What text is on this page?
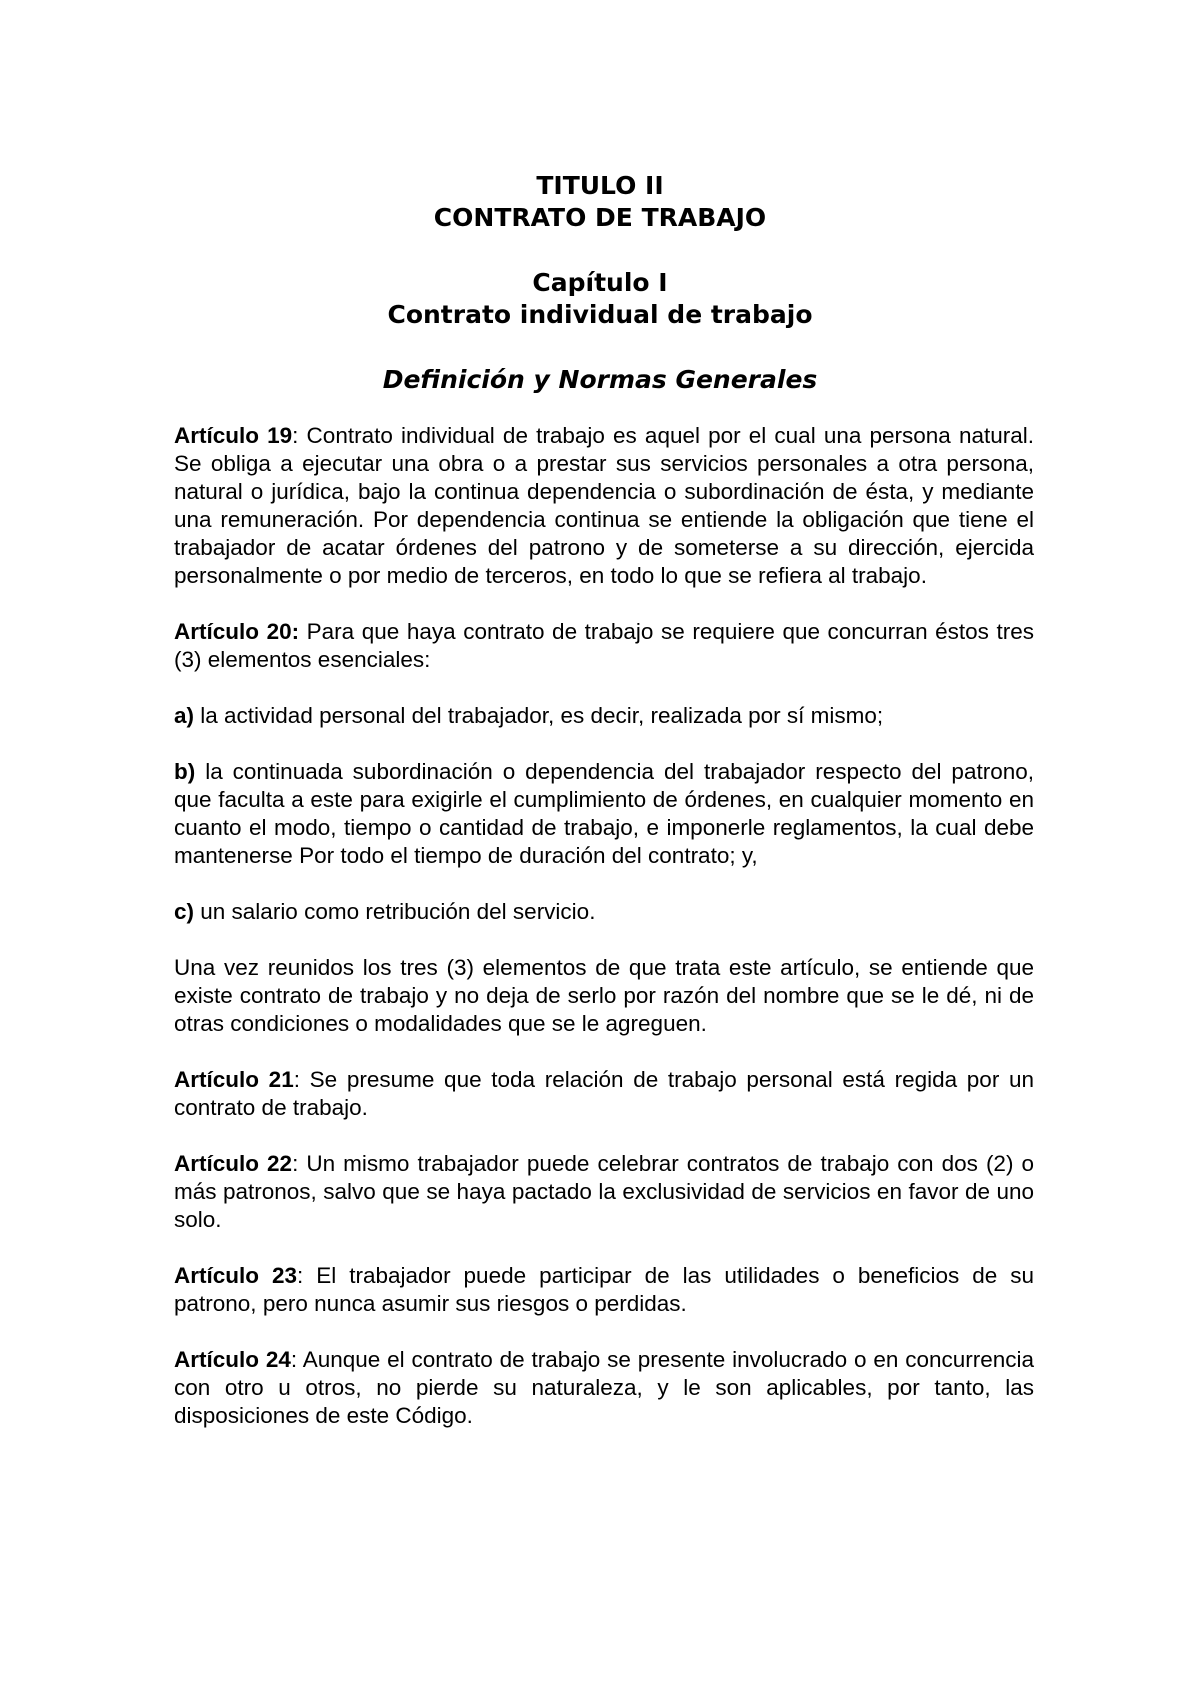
TITULO II
CONTRATO DE TRABAJO
Capítulo I
Contrato individual de trabajo
Definición y Normas Generales

Artículo 19: Contrato individual de trabajo es aquel por el cual una persona natural. Se obliga a ejecutar una obra o a prestar sus servicios personales a otra persona, natural o jurídica, bajo la continua dependencia o subordinación de ésta, y mediante una remuneración. Por dependencia continua se entiende la obligación que tiene el trabajador de acatar órdenes del patrono y de someterse a su dirección, ejercida personalmente o por medio de terceros, en todo lo que se refiera al trabajo.

Artículo 20: Para que haya contrato de trabajo se requiere que concurran éstos tres (3) elementos esenciales:

a) la actividad personal del trabajador, es decir, realizada por sí mismo;

b) la continuada subordinación o dependencia del trabajador respecto del patrono, que faculta a este para exigirle el cumplimiento de órdenes, en cualquier momento en cuanto el modo, tiempo o cantidad de trabajo, e imponerle reglamentos, la cual debe mantenerse Por todo el tiempo de duración del contrato; y,

c) un salario como retribución del servicio.

Una vez reunidos los tres (3) elementos de que trata este artículo, se entiende que existe contrato de trabajo y no deja de serlo por razón del nombre que se le dé, ni de otras condiciones o modalidades que se le agreguen.

Artículo 21: Se presume que toda relación de trabajo personal está regida por un contrato de trabajo.

Artículo 22: Un mismo trabajador puede celebrar contratos de trabajo con dos (2) o más patronos, salvo que se haya pactado la exclusividad de servicios en favor de uno solo.

Artículo 23: El trabajador puede participar de las utilidades o beneficios de su patrono, pero nunca asumir sus riesgos o perdidas.

Artículo 24: Aunque el contrato de trabajo se presente involucrado o en concurrencia con otro u otros, no pierde su naturaleza, y le son aplicables, por tanto, las disposiciones de este Código.
